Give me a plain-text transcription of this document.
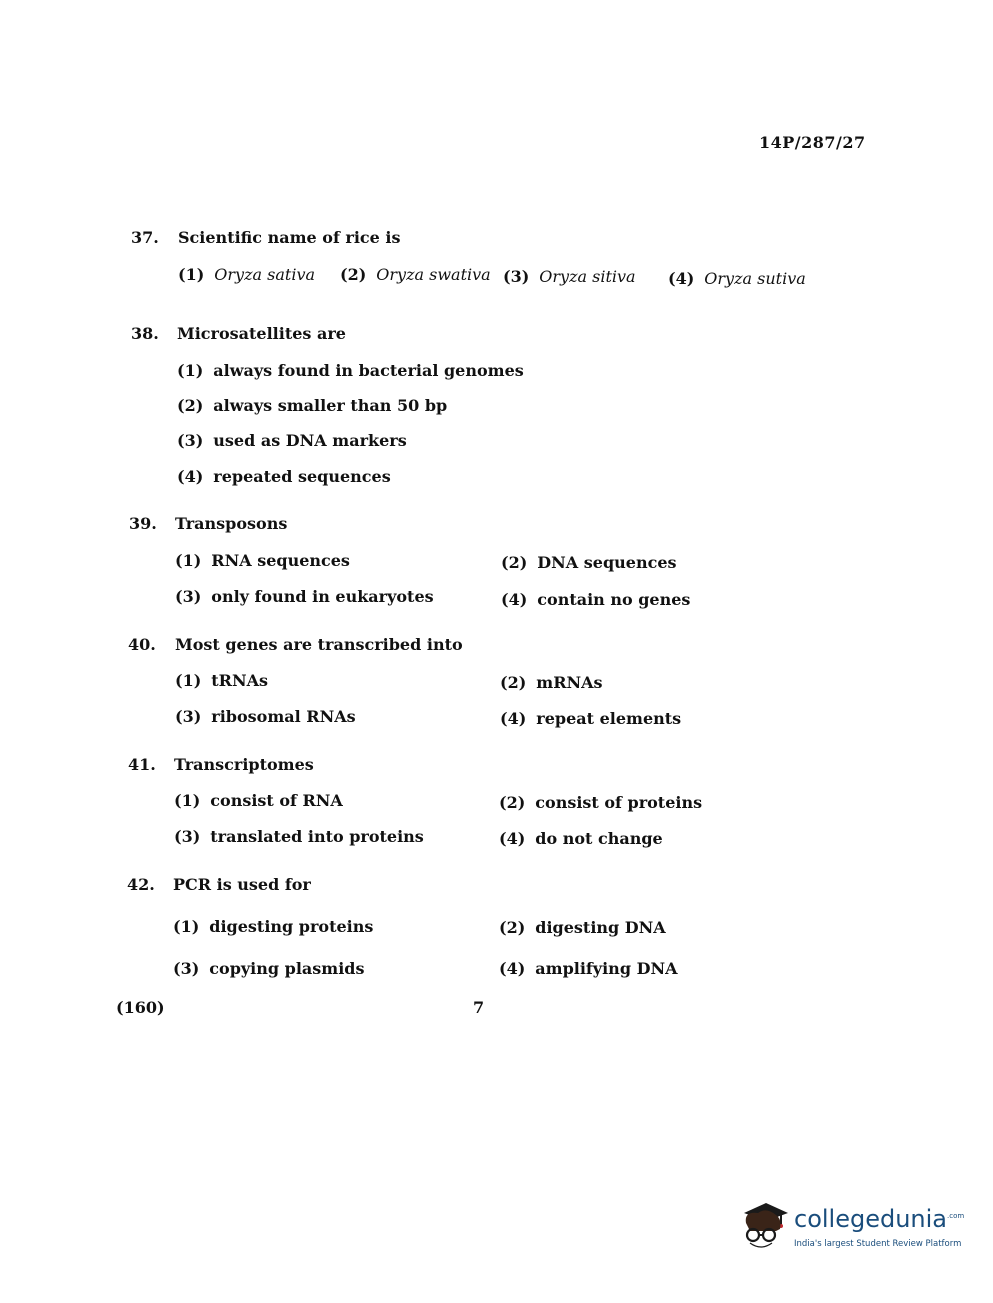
14P/287/27
37. Scientific name of rice is
(1) Oryza sativa (2) Oryza swativa (3) Oryza sitiva (4) Oryza sutiva
38. Microsatellites are
(1) always found in bacterial genomes
(2) always smaller than 50 bp
(3) used as DNA markers
(4) repeated sequences
39. Transposons
(1) RNA sequences	(2) DNA sequences
(3) only found in eukaryotes	(4) contain no genes
40. Most genes are transcribed into
(1) tRNAs	(2) mRNAs
(3) ribosomal RNAs	(4) repeat elements
41. Transcriptomes
(1) consist of RNA	(2) consist of proteins
(3) translated into proteins	(4) do not change
42. PCR is used for
(1) digesting proteins	(2) digesting DNA
(3) copying plasmids	(4) amplifying DNA
(160)	7
collegedunia$^{.com}$
India's largest Student Review Platform
